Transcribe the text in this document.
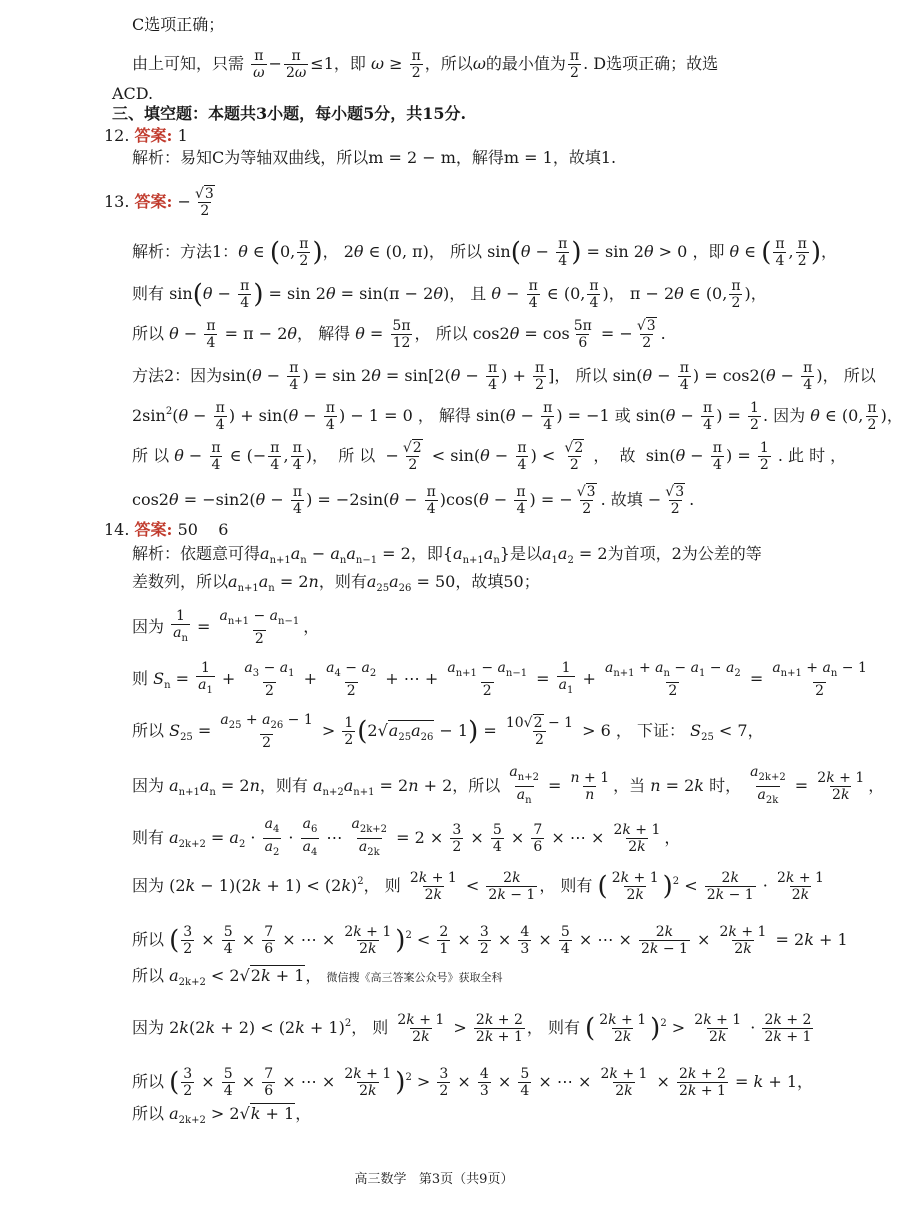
C选项正确；
由上可知，只需 $\frac{\pi}{\omega} - \frac{\pi}{2\omega} \le 1$，即 $\omega \ge \frac{\pi}{2}$ ，所以ω的最小值为 $\frac{\pi}{2}$ . D选项正确；故选
ACD.
三、填空题：本题共3小题，每小题5分，共15分.
12. 答案: 1
解析：易知C为等轴双曲线，所以m = 2 − m，解得m = 1，故填1.
13. 答案: − $\frac{√3}{2}$
解析：方法1：θ ∈ (0, $\frac{\pi}{2}$ )， 2θ ∈ (0, π)， 所以 $\sin(\theta - \frac{\pi}{4}$ ) = sin 2θ > 0 ，即 θ ∈ ( $\frac{\pi}{4}$ , $\frac{\pi}{2}$ )，
则有 $\sin(\theta - \frac{\pi}{4}$ ) = sin 2θ = sin(π − 2θ)， 且 $\theta - \frac{\pi}{4}$ ∈ (0, $\frac{\pi}{4}$ )， π − 2θ ∈ (0, $\frac{\pi}{2}$ )，
所以 $\theta - \frac{\pi}{4} = \pi - 2\theta$， 解得 $\theta = \frac{5\pi}{12}$ ， 所以 $\cos 2\theta = \cos \frac{5\pi}{6}$ = − $\frac{√3}{2}$ .
方法2：因为$\sin(\theta - \frac{\pi}{4}$ ) = $\sin 2\theta = \sin[2(\theta - \frac{\pi}{4}$ ) + $\frac{\pi}{2}$ ]， 所以 $\sin(\theta - \frac{\pi}{4}$ ) = $\cos 2(\theta - \frac{\pi}{4}$ )， 所以
$2\sin^2(\theta - \frac{\pi}{4}$ ) + $\sin(\theta - \frac{\pi}{4}$ ) − 1 = 0 ， 解得 $\sin(\theta - \frac{\pi}{4}$ ) = −1 或 $\sin(\theta - \frac{\pi}{4}$ ) = $\frac{1}{2}$ . 因为 θ ∈ (0, $\frac{\pi}{2}$ )，
所 以 $\theta - \frac{\pi}{4}$ ∈ (− $\frac{\pi}{4}$ , $\frac{\pi}{4}$ )，  所 以  − $\frac{√2}{2} < \sin(\theta - \frac{\pi}{4}$ ) < $\frac{√2}{2}$ ，  故  $\sin(\theta - \frac{\pi}{4}$ ) = $\frac{1}{2}$ . 此 时 ，
$\cos 2\theta = -\sin 2(\theta - \frac{\pi}{4}$ ) = $-2\sin(\theta - \frac{\pi}{4} )\cos(\theta - \frac{\pi}{4}$ ) = − $\frac{√3}{2}$ . 故填 − $\frac{√3}{2}$ .
14. 答案: 50    6
解析：依题意可得$a_{n+1}a_n - a_na_{n-1} = 2$，即$\{a_{n+1}a_n\}$是以$a_1a_2 = 2$为首项，2为公差的等
差数列，所以$a_{n+1}a_n = 2n$，则有$a_{25}a_{26} = 50$，故填50；
因为 $\frac{1}{a_n} = \frac{a_{n+1} - a_{n-1}}{2}$ ，
则 $S_n = \frac{1}{a_1} + \frac{a_3 - a_1}{2} + \frac{a_4 - a_2}{2}$ + ⋯ + $\frac{a_{n+1} - a_{n-1}}{2} = \frac{1}{a_1} + \frac{a_{n+1} + a_n - a_1 - a_2}{2} = \frac{a_{n+1} + a_n - 1}{2}$
所以 $S_{25} = \frac{a_{25} + a_{26} - 1}{2} > \frac{1}{2} (2√a_{25}a_{26} - 1) = \frac{10√2 - 1}{2} > 6$ ， 下证： $S_{25} < 7$，
因为 $a_{n+1}a_n = 2n$，则有 $a_{n+2}a_{n+1} = 2n + 2$，所以 $\frac{a_{n+2}}{a_n} = \frac{n + 1}{n}$ ，当 n = 2k 时， $\frac{a_{2k+2}}{a_{2k}} = \frac{2k + 1}{2k}$ ，
则有 $a_{2k+2} = a_2 \cdot \frac{a_4}{a_2} \cdot \frac{a_6}{a_4}$ ⋯ $\frac{a_{2k+2}}{a_{2k}} = 2 \times \frac{3}{2} \times \frac{5}{4} \times \frac{7}{6}$ × ⋯ × $\frac{2k + 1}{2k}$ ，
因为 $(2k - 1)(2k + 1) < (2k)^2$， 则 $\frac{2k + 1}{2k} < \frac{2k}{2k - 1}$ ， 则有 ( $\frac{2k + 1}{2k} )^2 < \frac{2k}{2k - 1} \cdot \frac{2k + 1}{2k}$
所以 ( $\frac{3}{2} \times \frac{5}{4} \times \frac{7}{6}$ × ⋯ × $\frac{2k + 1}{2k} )^2 < \frac{2}{1} \times \frac{3}{2} \times \frac{4}{3} \times \frac{5}{4}$ × ⋯ × $\frac{2k}{2k - 1} \times \frac{2k + 1}{2k} = 2k + 1$
所以 $a_{2k+2} < 2√2k + 1$， 微信搜《高三答案公众号》获取全科
因为 $2k(2k + 2) < (2k + 1)^2$， 则 $\frac{2k + 1}{2k} > \frac{2k + 2}{2k + 1}$ ， 则有 ( $\frac{2k + 1}{2k} )^2 > \frac{2k + 1}{2k} \cdot \frac{2k + 2}{2k + 1}$
所以 ( $\frac{3}{2} \times \frac{5}{4} \times \frac{7}{6}$ × ⋯ × $\frac{2k + 1}{2k} )^2 > \frac{3}{2} \times \frac{4}{3} \times \frac{5}{4}$ × ⋯ × $\frac{2k + 1}{2k} \times \frac{2k + 2}{2k + 1} = k + 1$，
所以 $a_{2k+2} > 2√k + 1$，
高三数学   第3页（共9页）
